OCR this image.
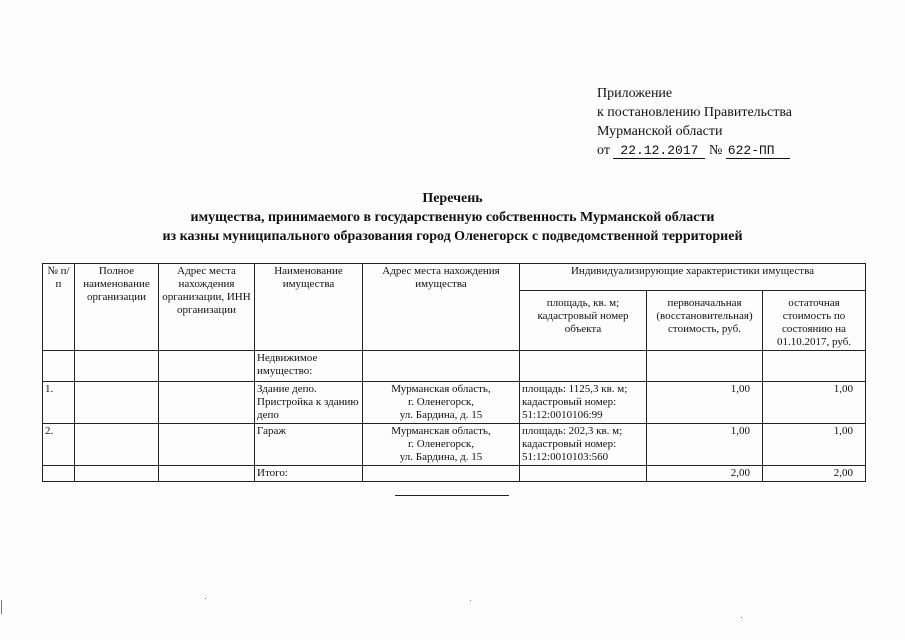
Приложение
к постановлению Правительства
Мурманской области
от 22.12.2017 № 622-ПП
Перечень
имущества, принимаемого в государственную собственность Мурманской области
из казны муниципального образования город Оленегорск с подведомственной территорией
№ п/п	Полное наименование организации	Адрес места нахождения организации, ИНН организации	Наименование имущества	Адрес места нахождения имущества	Индивидуализирующие характеристики имущества		
					площадь, кв. м; кадастровый номер объекта	первоначальная (восстановительная) стоимость, руб.	остаточная стоимость по состоянию на 01.10.2017, руб.
			Недвижимое имущество:				
1.			Здание депо. Пристройка к зданию депо	Мурманская область,
г. Оленегорск,
ул. Бардина, д. 15	площадь: 1125,3 кв. м; кадастровый номер: 51:12:0010106:99	1,00	1,00
2.			Гараж	Мурманская область,
г. Оленегорск,
ул. Бардина, д. 15	площадь: 202,3 кв. м; кадастровый номер: 51:12:0010103:560	1,00	1,00
			Итого:			2,00	2,00
